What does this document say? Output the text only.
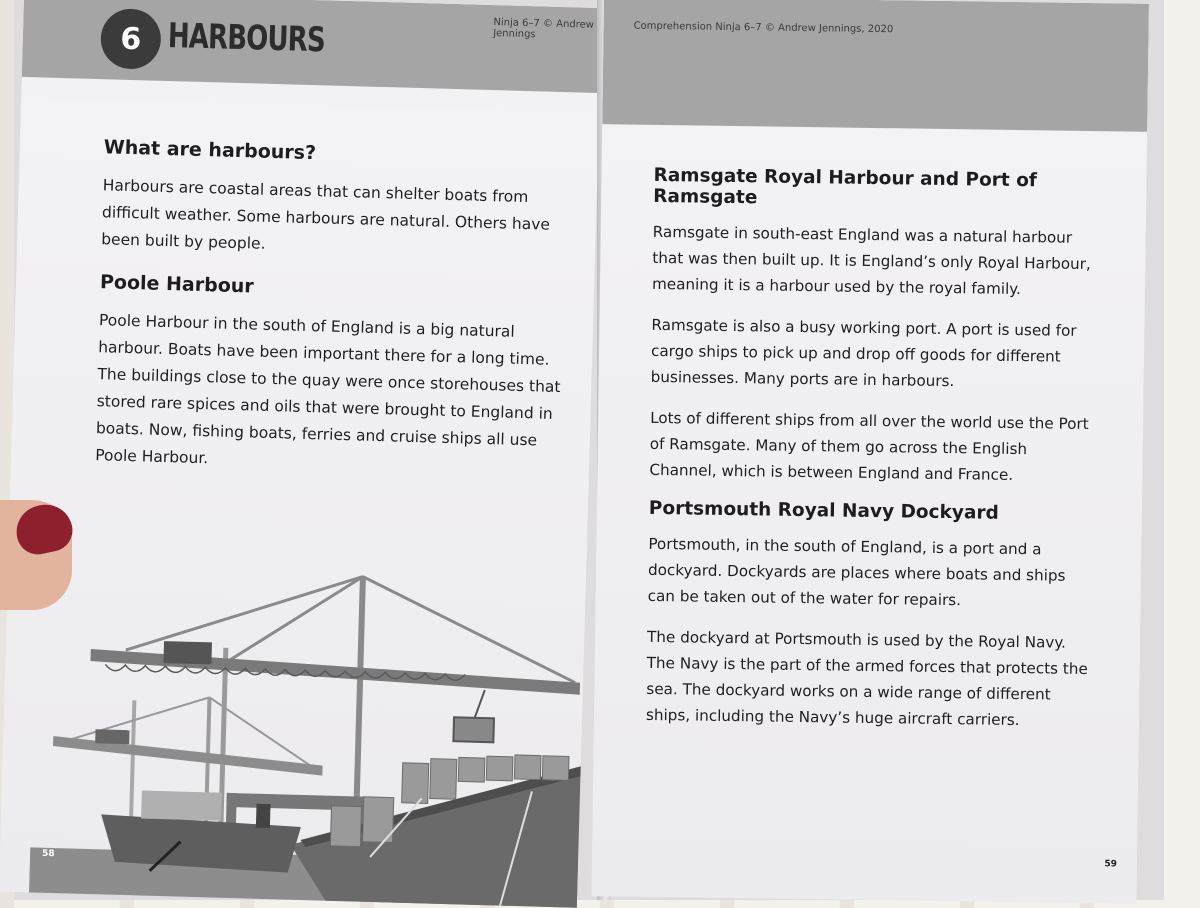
6 HARBOURS	Ninja 6–7 © Andrew Jennings
What are harbours?

Harbours are coastal areas that can shelter boats from difficult weather. Some harbours are natural. Others have been built by people.

Poole Harbour

Poole Harbour in the south of England is a big natural harbour. Boats have been important there for a long time. The buildings close to the quay were once storehouses that stored rare spices and oils that were brought to England in boats. Now, fishing boats, ferries and cruise ships all use Poole Harbour.

58
Comprehension Ninja 6–7 © Andrew Jennings, 2020
Ramsgate Royal Harbour and Port of Ramsgate

Ramsgate in south-east England was a natural harbour that was then built up. It is England’s only Royal Harbour, meaning it is a harbour used by the royal family.

Ramsgate is also a busy working port. A port is used for cargo ships to pick up and drop off goods for different businesses. Many ports are in harbours.

Lots of different ships from all over the world use the Port of Ramsgate. Many of them go across the English Channel, which is between England and France.

Portsmouth Royal Navy Dockyard

Portsmouth, in the south of England, is a port and a dockyard. Dockyards are places where boats and ships can be taken out of the water for repairs.

The dockyard at Portsmouth is used by the Royal Navy. The Navy is the part of the armed forces that protects the sea. The dockyard works on a wide range of different ships, including the Navy’s huge aircraft carriers.

59
